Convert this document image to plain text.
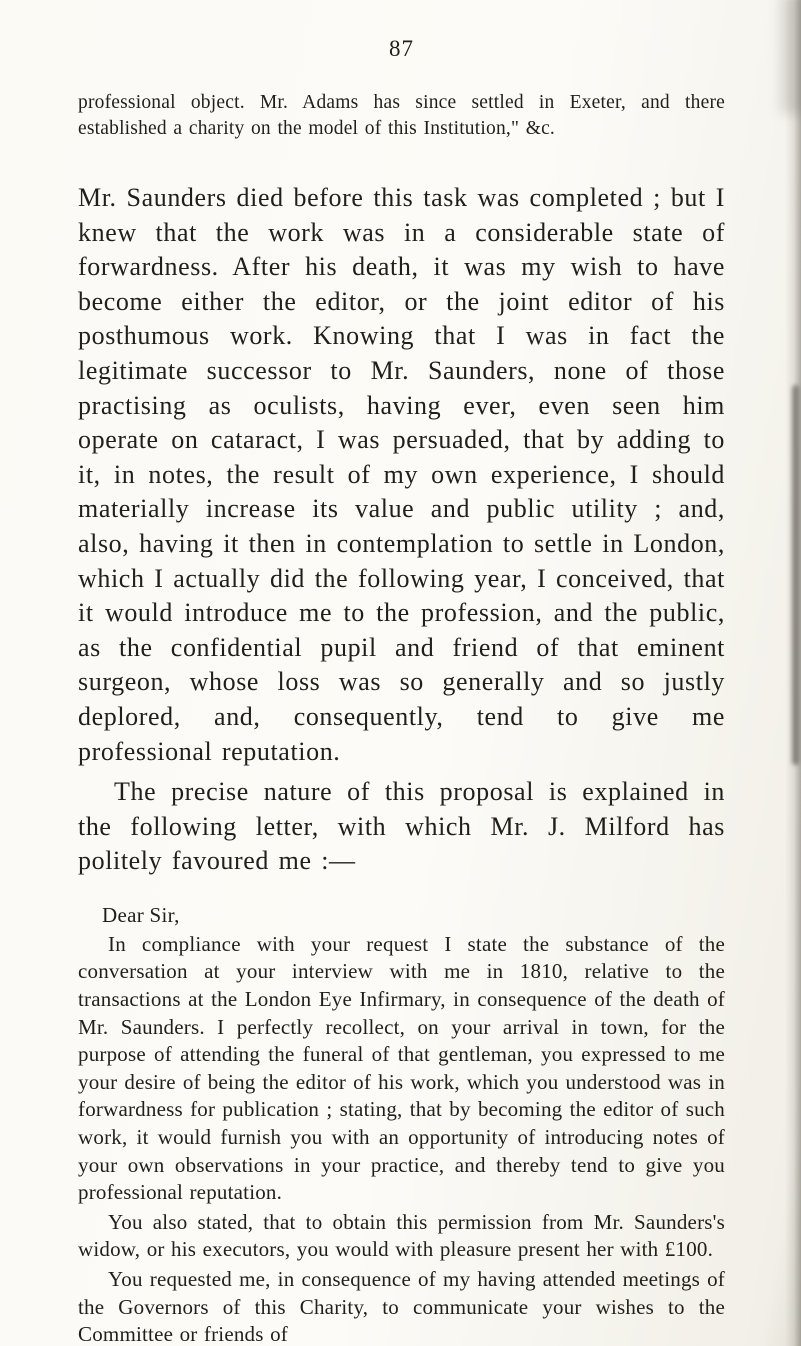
87

professional object. Mr. Adams has since settled in Exeter, and there established a charity on the model of this Institution," &c.

Mr. Saunders died before this task was completed ; but I knew that the work was in a considerable state of forwardness. After his death, it was my wish to have become either the editor, or the joint editor of his posthumous work. Knowing that I was in fact the legitimate successor to Mr. Saunders, none of those practising as oculists, having ever, even seen him operate on cataract, I was persuaded, that by adding to it, in notes, the result of my own experience, I should materially increase its value and public utility ; and, also, having it then in contemplation to settle in London, which I actually did the following year, I conceived, that it would introduce me to the profession, and the public, as the confidential pupil and friend of that eminent surgeon, whose loss was so generally and so justly deplored, and, consequently, tend to give me professional reputation.

The precise nature of this proposal is explained in the following letter, with which Mr. J. Milford has politely favoured me :—

Dear Sir,

In compliance with your request I state the substance of the conversation at your interview with me in 1810, relative to the transactions at the London Eye Infirmary, in consequence of the death of Mr. Saunders. I perfectly recollect, on your arrival in town, for the purpose of attending the funeral of that gentleman, you expressed to me your desire of being the editor of his work, which you understood was in forwardness for publication ; stating, that by becoming the editor of such work, it would furnish you with an opportunity of introducing notes of your own observations in your practice, and thereby tend to give you professional reputation.

You also stated, that to obtain this permission from Mr. Saunders's widow, or his executors, you would with pleasure present her with £100.

You requested me, in consequence of my having attended meetings of the Governors of this Charity, to communicate your wishes to the Committee or friends of
